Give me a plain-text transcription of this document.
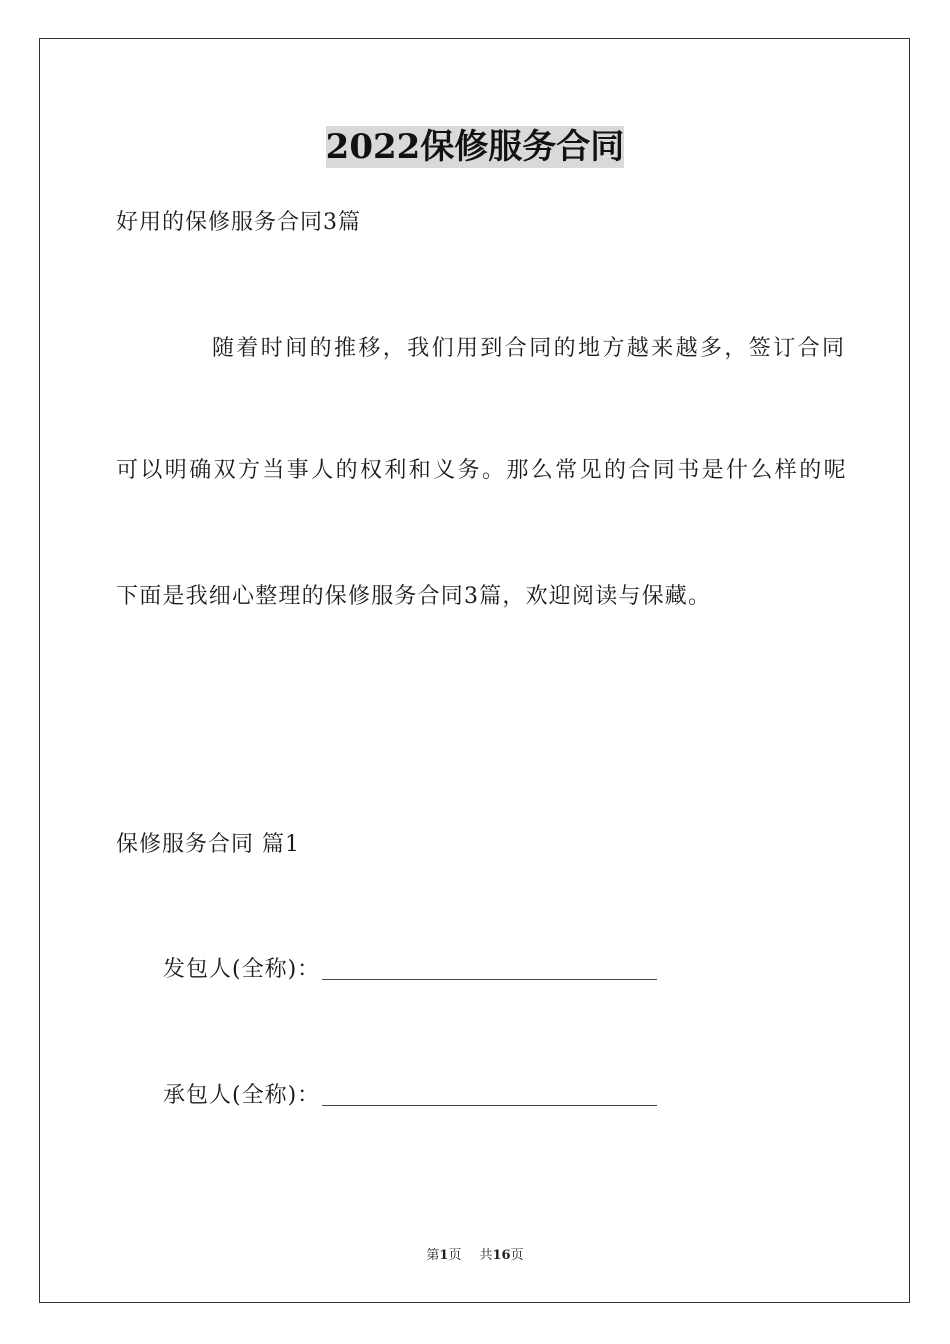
2022保修服务合同
好用的保修服务合同3篇
随着时间的推移，我们用到合同的地方越来越多，签订合同
可以明确双方当事人的权利和义务。那么常见的合同书是什么样的呢
下面是我细心整理的保修服务合同3篇，欢迎阅读与保藏。
保修服务合同 篇1
发包人(全称)：
承包人(全称)：
第1页 共16页
